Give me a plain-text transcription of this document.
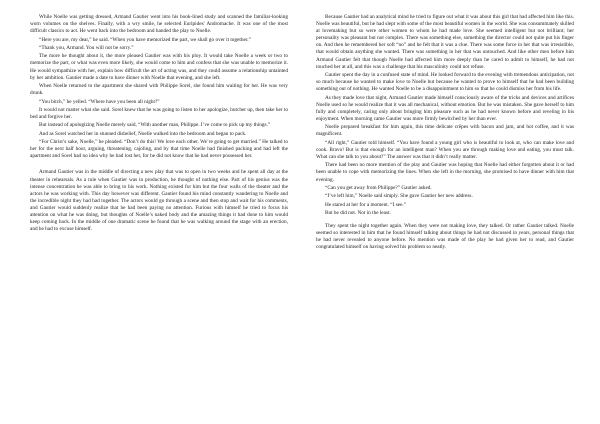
While Noelle was getting dressed, Armand Gautier went into his book-lined study and scanned the familiar-looking worn volumes on the shelves. Finally, with a wry smile, he selected Euripides' Andromache. It was one of the most difficult classics to act. He went back into the bedroom and handed the play to Noelle.

“Here you are, my dear,” he said. “When you have memorized the part, we shall go over it together.”

“Thank you, Armand. You will not be sorry.”

The more he thought about it, the more pleased Gautier was with his ploy. It would take Noelle a week or two to memorize the part, or what was even more likely, she would come to him and confess that she was unable to memorize it. He would sympathize with her, explain how difficult the art of acting was, and they could assume a relationship untainted by her ambition. Gautier made a date to have dinner with Noelle that evening, and she left.

When Noelle returned to the apartment she shared with Philippe Sorel, she found him waiting for her. He was very drunk.

“You bitch,” he yelled. “Where have you been all night?”

It would not matter what she said. Sorel knew that he was going to listen to her apologize, butcher up, then take her to bed and forgive her.

But instead of apologizing Noelle merely said, “With another man, Philippe. I’ve come to pick up my things.”

And as Sorel watched her in stunned disbelief, Noelle walked into the bedroom and began to pack.

“For Christ’s sake, Noelle,” he pleaded. “Don’t do this! We love each other. We’re going to get married.” He talked to her for the next half hour, arguing, threatening, cajoling, and by that time Noelle had finished packing and had left the apartment and Sorel had no idea why he had lost her, for he did not know that he had never possessed her.

Armand Gautier was in the middle of directing a new play that was to open in two weeks and he spent all day at the theater in rehearsals. As a rule when Gautier was in production, he thought of nothing else. Part of his genius was the intense concentration he was able to bring to his work. Nothing existed for him but the four walls of the theater and the actors he was working with. This day however was different. Gautier found his mind constantly wandering to Noelle and the incredible night they had had together. The actors would go through a scene and then stop and wait for his comments, and Gautier would suddenly realize that he had been paying no attention. Furious with himself he tried to focus his attention on what he was doing, but thoughts of Noelle’s naked body and the amazing things it had done to him would keep coming back. In the middle of one dramatic scene he found that he was walking around the stage with an erection, and he had to excuse himself.

Because Gautier had an analytical mind he tried to figure out what it was about this girl that had affected him like this. Noelle was beautiful, but he had slept with some of the most beautiful women in the world. She was consummately skilled at lovemaking but so were other women to whom he had made love. She seemed intelligent but not brilliant; her personality was pleasant but not complex. There was something else, something the director could not quite put his finger on. And then he remembered her soft “no” and he felt that it was a clue. There was some force in her that was irresistible, that would obtain anything she wanted. There was something in her that was untouched. And like other men before him Armand Gautier felt that though Noelle had affected him more deeply than he cared to admit to himself, he had not touched her at all, and this was a challenge that his masculinity could not refuse.

Gautier spent the day in a confused state of mind. He looked forward to the evening with tremendous anticipation, not so much because he wanted to make love to Noelle but because he wanted to prove to himself that he had been building something out of nothing. He wanted Noelle to be a disappointment to him so that he could dismiss her from his life.

As they made love that night, Armand Gautier made himself consciously aware of the tricks and devices and artifices Noelle used so he would realize that it was all mechanical, without emotion. But he was mistaken. She gave herself to him fully and completely, caring only about bringing him pleasure such as he had never known before and reveling in his enjoyment. When morning came Gautier was more firmly bewitched by her than ever.

Noelle prepared breakfast for him again, this time delicate crêpes with bacon and jam, and hot coffee, and it was magnificent.

“All right,” Gautier told himself. “You have found a young girl who is beautiful to look at, who can make love and cook. Bravo! But is that enough for an intelligent man? When you are through making love and eating, you must talk. What can she talk to you about?” The answer was that it didn’t really matter.

There had been no more mention of the play and Gautier was hoping that Noelle had either forgotten about it or had been unable to cope with memorizing the lines. When she left in the morning, she promised to have dinner with him that evening.

“Can you get away from Philippe?” Gautier asked.

“I’ve left him,” Noelle said simply. She gave Gautier her new address.

He stared at her for a moment. “I see.”

But he did not. Not in the least.

They spent the night together again. When they were not making love, they talked. Or rather Gautier talked. Noelle seemed so interested in him that he found himself talking about things he had not discussed in years, personal things that he had never revealed to anyone before. No mention was made of the play he had given her to read, and Gautier congratulated himself on having solved his problem so neatly.
